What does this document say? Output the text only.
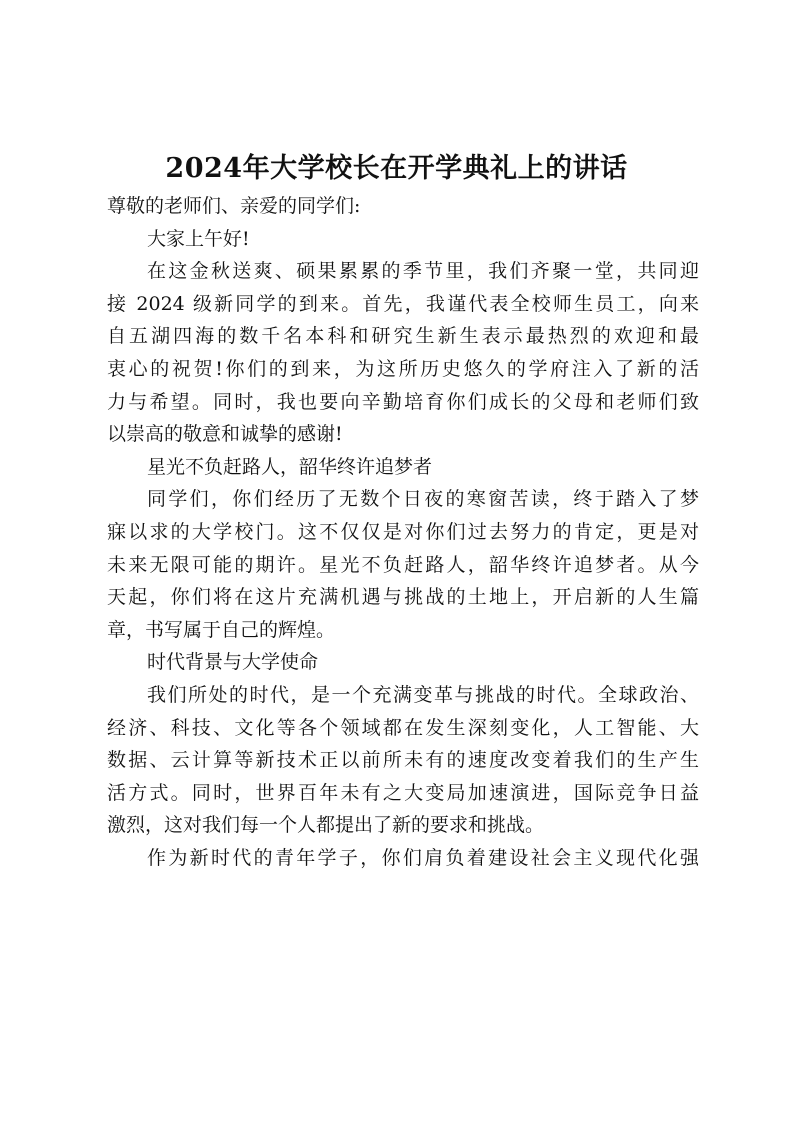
2024年大学校长在开学典礼上的讲话
尊敬的老师们、亲爱的同学们:
大家上午好!
在这金秋送爽、硕果累累的季节里，我们齐聚一堂，共同迎
接 2024 级新同学的到来。首先，我谨代表全校师生员工，向来
自五湖四海的数千名本科和研究生新生表示最热烈的欢迎和最
衷心的祝贺!你们的到来，为这所历史悠久的学府注入了新的活
力与希望。同时，我也要向辛勤培育你们成长的父母和老师们致
以崇高的敬意和诚挚的感谢!
星光不负赶路人，韶华终许追梦者
同学们，你们经历了无数个日夜的寒窗苦读，终于踏入了梦
寐以求的大学校门。这不仅仅是对你们过去努力的肯定，更是对
未来无限可能的期许。星光不负赶路人，韶华终许追梦者。从今
天起，你们将在这片充满机遇与挑战的土地上，开启新的人生篇
章，书写属于自己的辉煌。
时代背景与大学使命
我们所处的时代，是一个充满变革与挑战的时代。全球政治、
经济、科技、文化等各个领域都在发生深刻变化，人工智能、大
数据、云计算等新技术正以前所未有的速度改变着我们的生产生
活方式。同时，世界百年未有之大变局加速演进，国际竞争日益
激烈，这对我们每一个人都提出了新的要求和挑战。
作为新时代的青年学子，你们肩负着建设社会主义现代化强
